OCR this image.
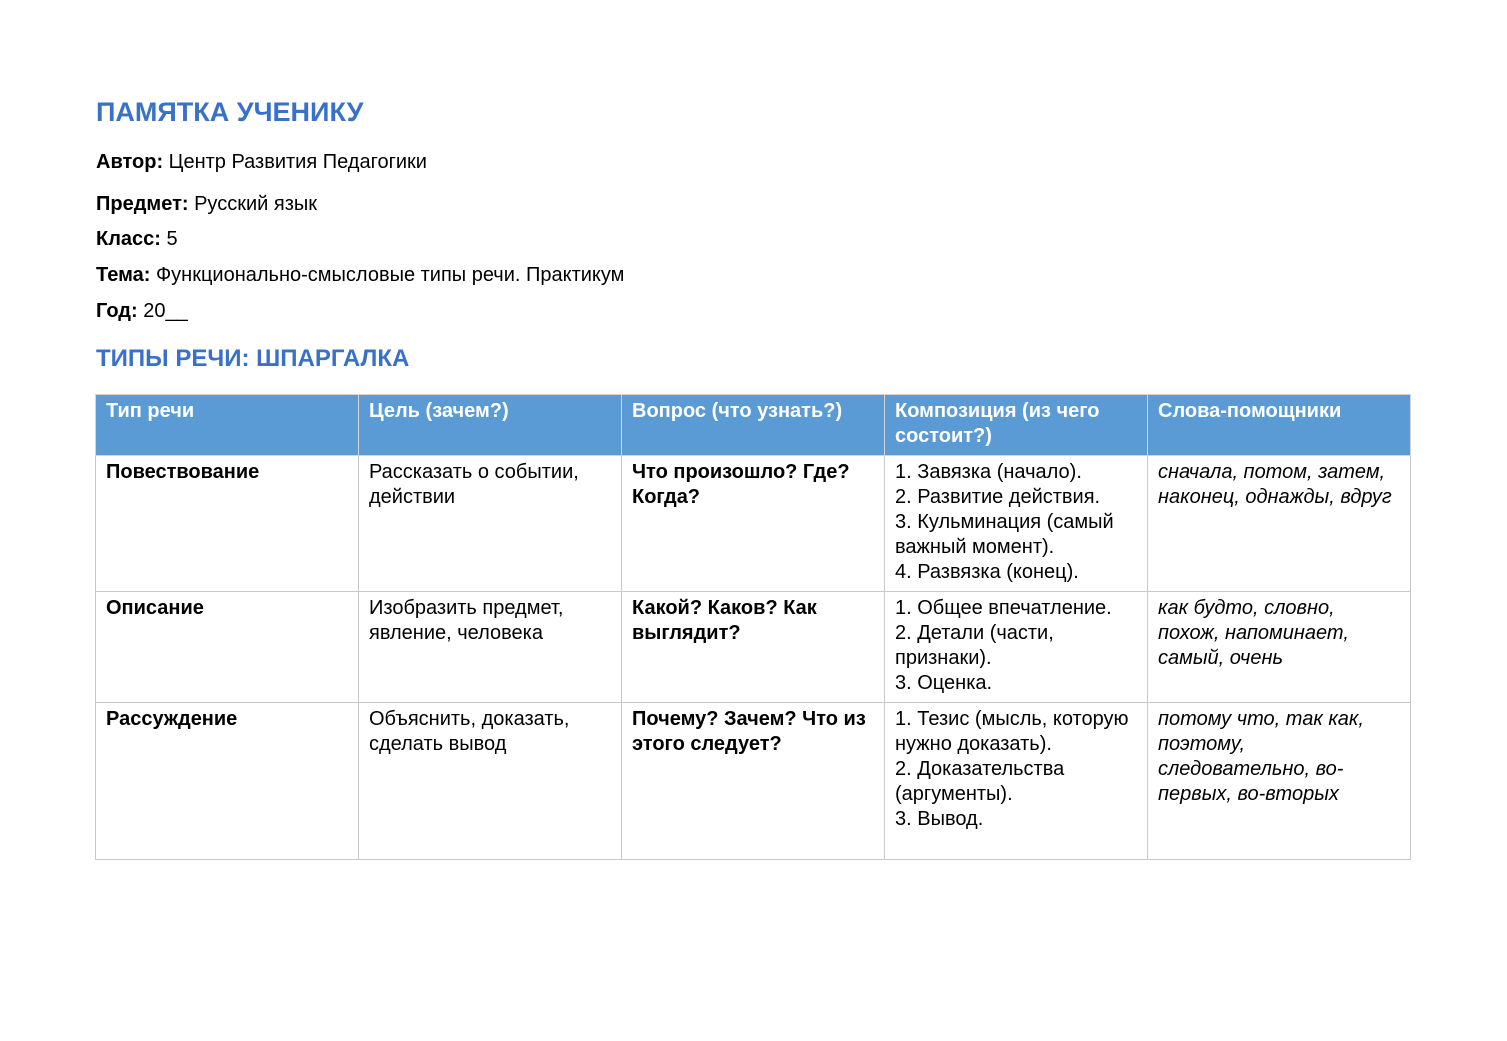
ПАМЯТКА УЧЕНИКУ

Автор: Центр Развития Педагогики

Предмет: Русский язык

Класс: 5

Тема: Функционально-смысловые типы речи. Практикум

Год: 20__

ТИПЫ РЕЧИ: ШПАРГАЛКА
Тип речи	Цель (зачем?)	Вопрос (что узнать?)	Композиция (из чего состоит?)	Слова-помощники
Повествование	Рассказать о событии, действии	Что произошло? Где? Когда?	1. Завязка (начало).
2. Развитие действия.
3. Кульминация (самый важный момент).
4. Развязка (конец).	сначала, потом, затем, наконец, однажды, вдруг
Описание	Изобразить предмет, явление, человека	Какой? Каков? Как выглядит?	1. Общее впечатление.
2. Детали (части, признаки).
3. Оценка.	как будто, словно, похож, напоминает, самый, очень
Рассуждение	Объяснить, доказать, сделать вывод	Почему? Зачем? Что из этого следует?	1. Тезис (мысль, которую нужно доказать).
2. Доказательства (аргументы).
3. Вывод.	потому что, так как, поэтому, следовательно, во-первых, во-вторых
